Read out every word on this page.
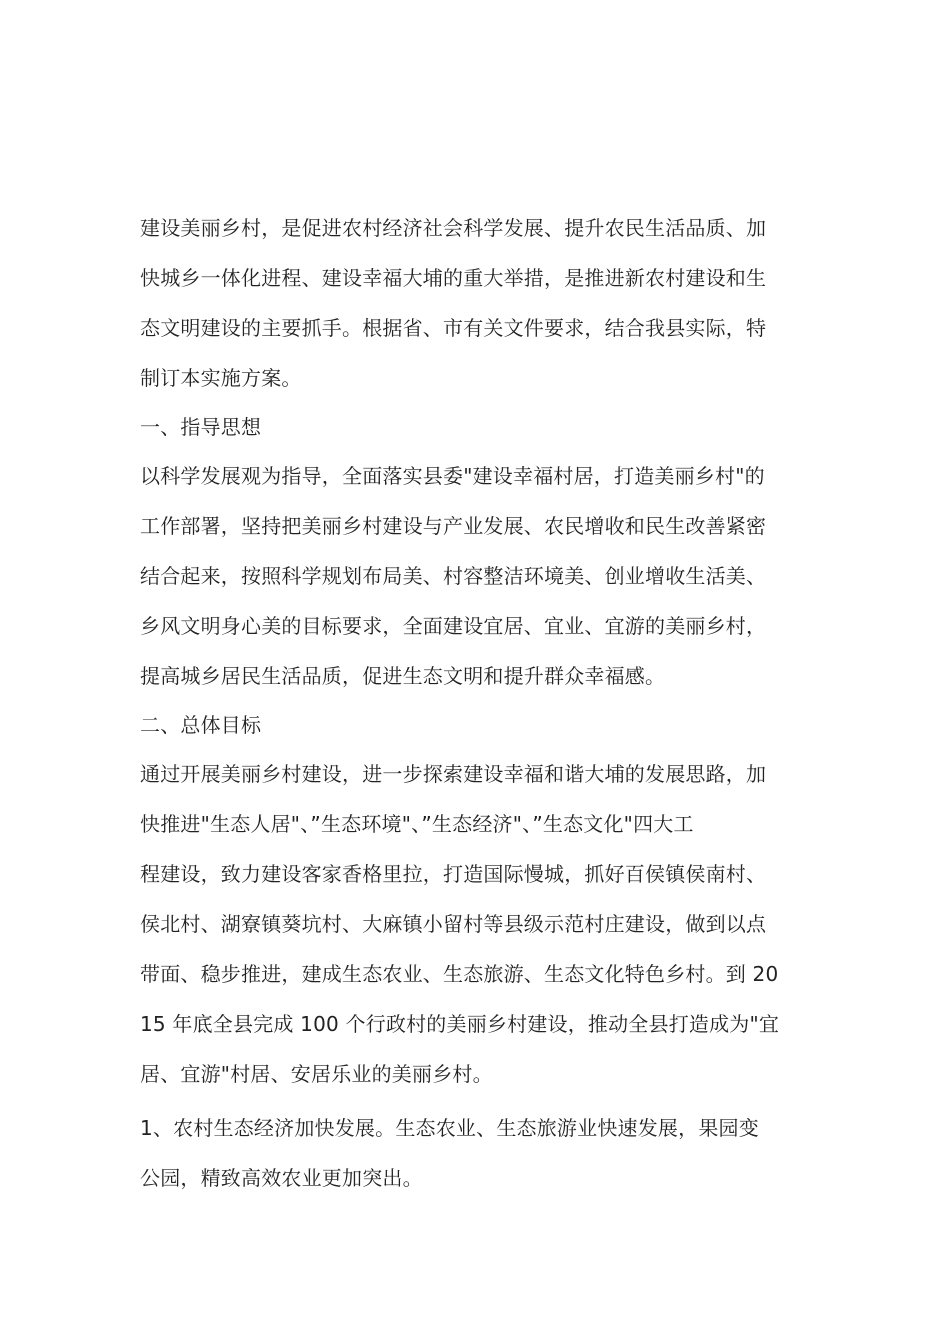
建设美丽乡村，是促进农村经济社会科学发展、提升农民生活品质、加
快城乡一体化进程、建设幸福大埔的重大举措，是推进新农村建设和生
态文明建设的主要抓手。根据省、市有关文件要求，结合我县实际，特
制订本实施方案。
一、指导思想
以科学发展观为指导，全面落实县委"建设幸福村居，打造美丽乡村"的
工作部署，坚持把美丽乡村建设与产业发展、农民增收和民生改善紧密
结合起来，按照科学规划布局美、村容整洁环境美、创业增收生活美、
乡风文明身心美的目标要求，全面建设宜居、宜业、宜游的美丽乡村，
提高城乡居民生活品质，促进生态文明和提升群众幸福感。
二、总体目标
通过开展美丽乡村建设，进一步探索建设幸福和谐大埔的发展思路，加
快推进"生态人居"、”生态环境"、”生态经济"、”生态文化"四大工
程建设，致力建设客家香格里拉，打造国际慢城，抓好百侯镇侯南村、
侯北村、湖寮镇葵坑村、大麻镇小留村等县级示范村庄建设，做到以点
带面、稳步推进，建成生态农业、生态旅游、生态文化特色乡村。到 20
15 年底全县完成 100 个行政村的美丽乡村建设，推动全县打造成为"宜
居、宜游"村居、安居乐业的美丽乡村。
1、农村生态经济加快发展。生态农业、生态旅游业快速发展，果园变
公园，精致高效农业更加突出。
